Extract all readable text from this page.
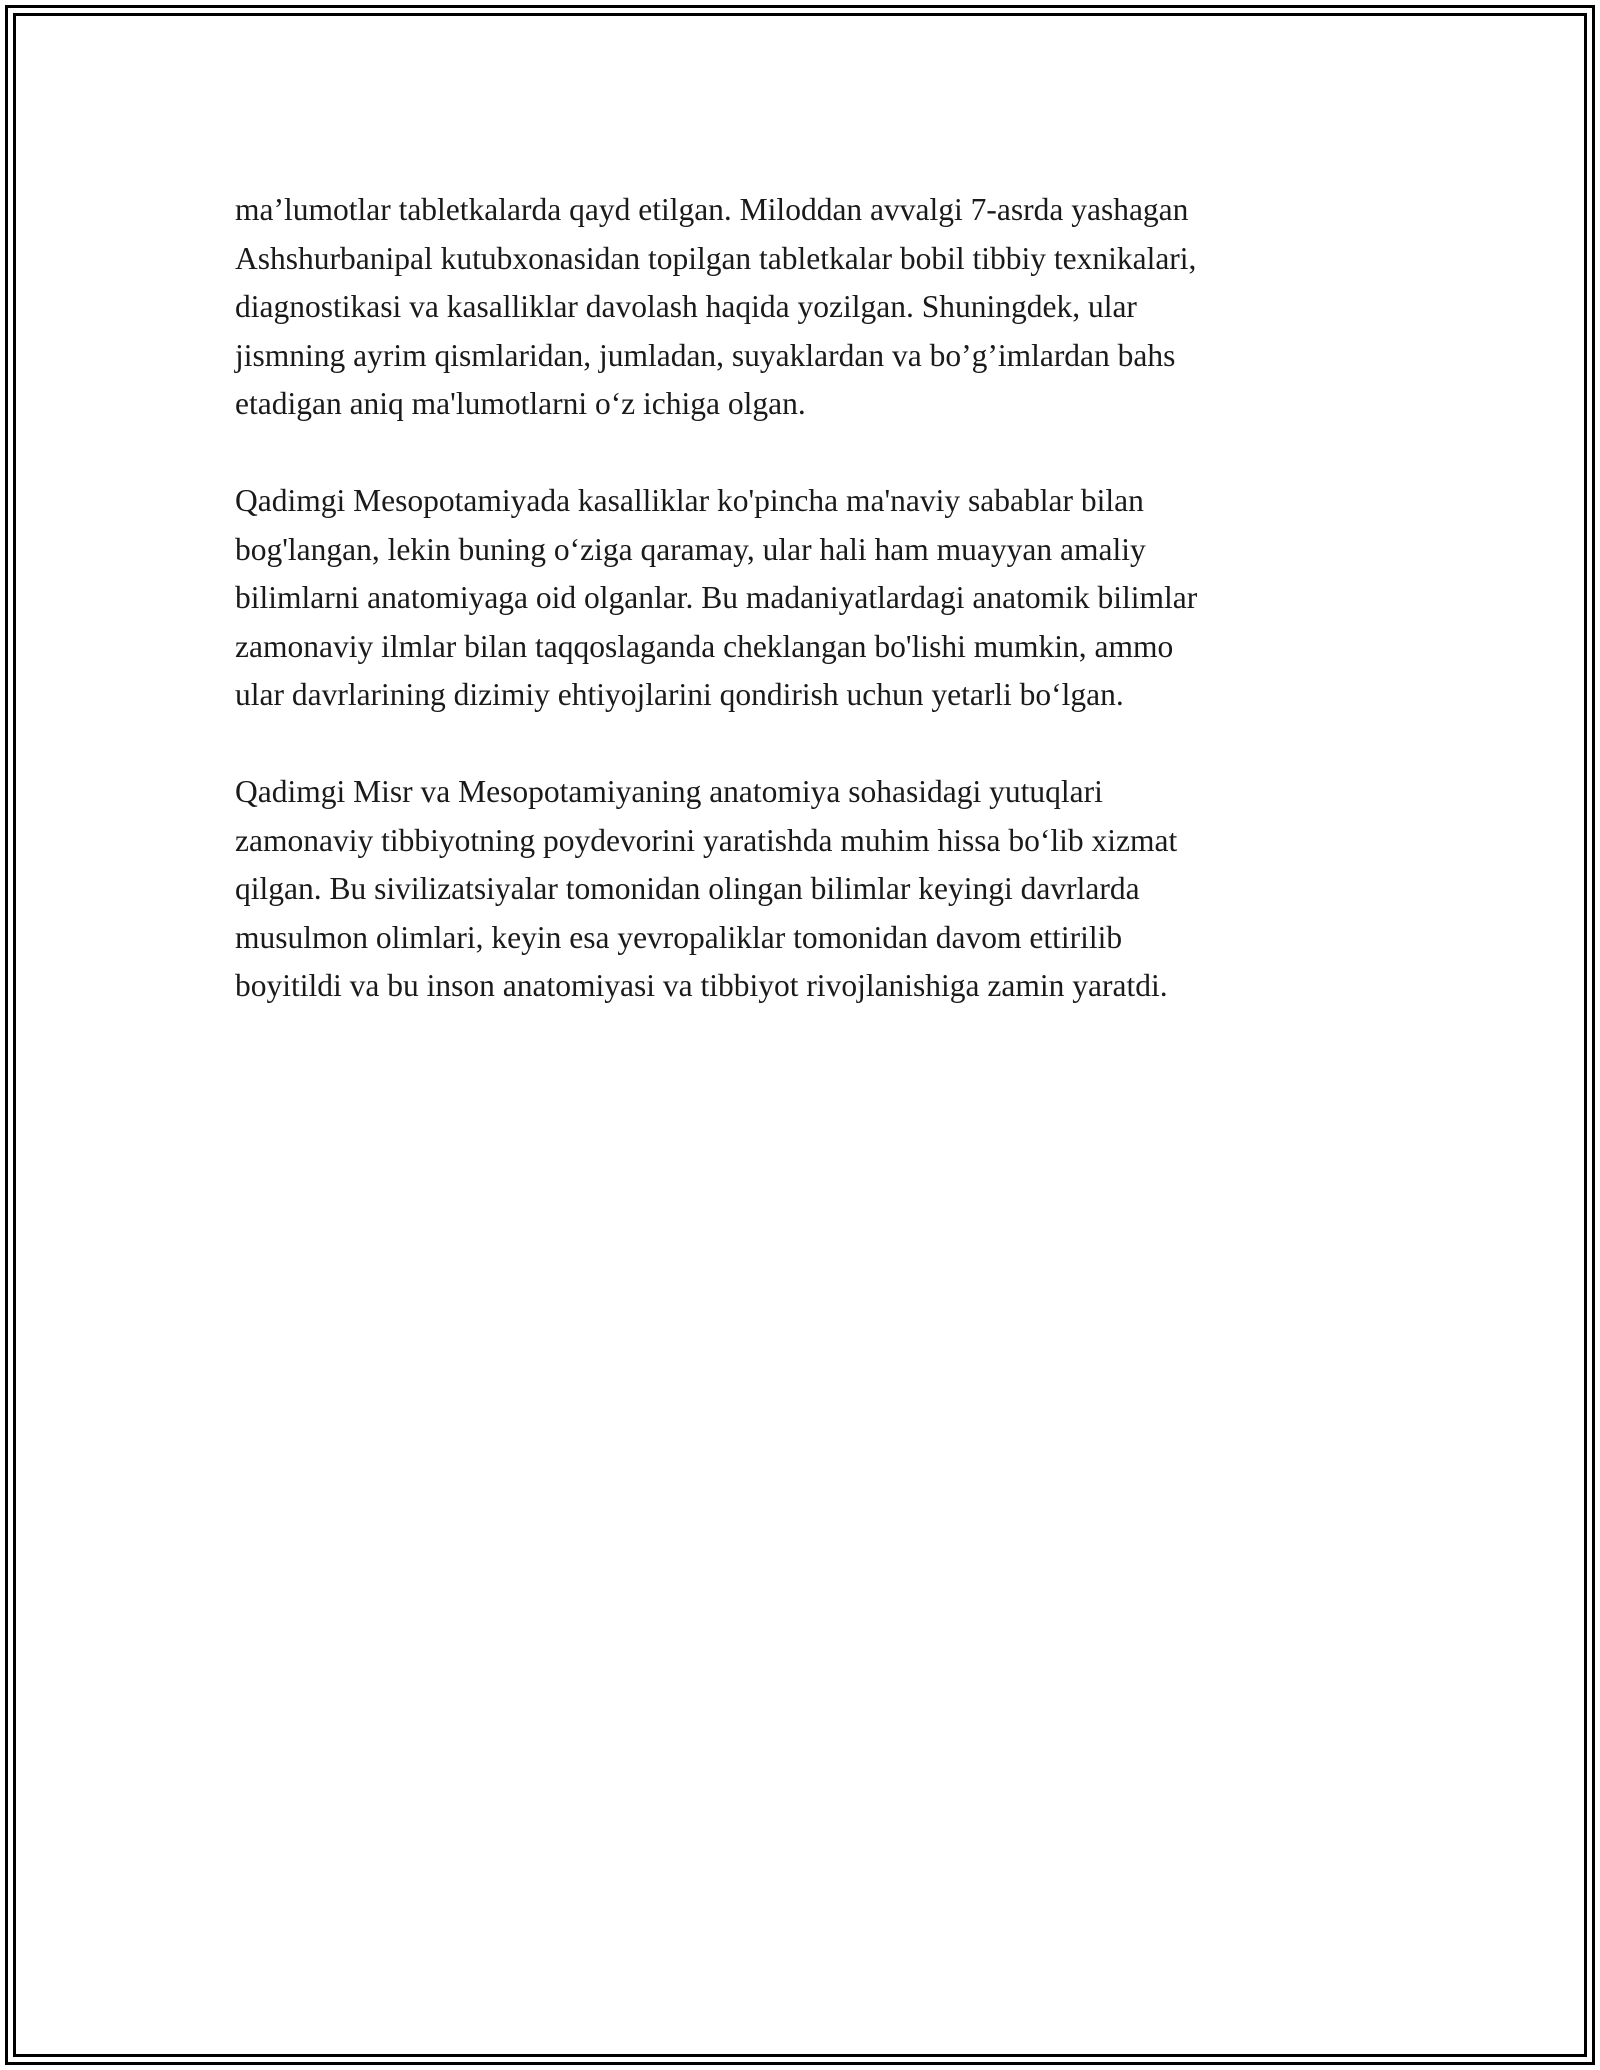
ma’lumotlar tabletkalarda qayd etilgan. Miloddan avvalgi 7-asrda yashagan
Ashshurbanipal kutubxonasidan topilgan tabletkalar bobil tibbiy texnikalari,
diagnostikasi va kasalliklar davolash haqida yozilgan. Shuningdek, ular
jismning ayrim qismlaridan, jumladan, suyaklardan va bo’g’imlardan bahs
etadigan aniq ma'lumotlarni o‘z ichiga olgan.

Qadimgi Mesopotamiyada kasalliklar ko'pincha ma'naviy sabablar bilan
bog'langan, lekin buning o‘ziga qaramay, ular hali ham muayyan amaliy
bilimlarni anatomiyaga oid olganlar. Bu madaniyatlardagi anatomik bilimlar
zamonaviy ilmlar bilan taqqoslaganda cheklangan bo'lishi mumkin, ammo
ular davrlarining dizimiy ehtiyojlarini qondirish uchun yetarli bo‘lgan.

Qadimgi Misr va Mesopotamiyaning anatomiya sohasidagi yutuqlari
zamonaviy tibbiyotning poydevorini yaratishda muhim hissa bo‘lib xizmat
qilgan. Bu sivilizatsiyalar tomonidan olingan bilimlar keyingi davrlarda
musulmon olimlari, keyin esa yevropaliklar tomonidan davom ettirilib
boyitildi va bu inson anatomiyasi va tibbiyot rivojlanishiga zamin yaratdi.
